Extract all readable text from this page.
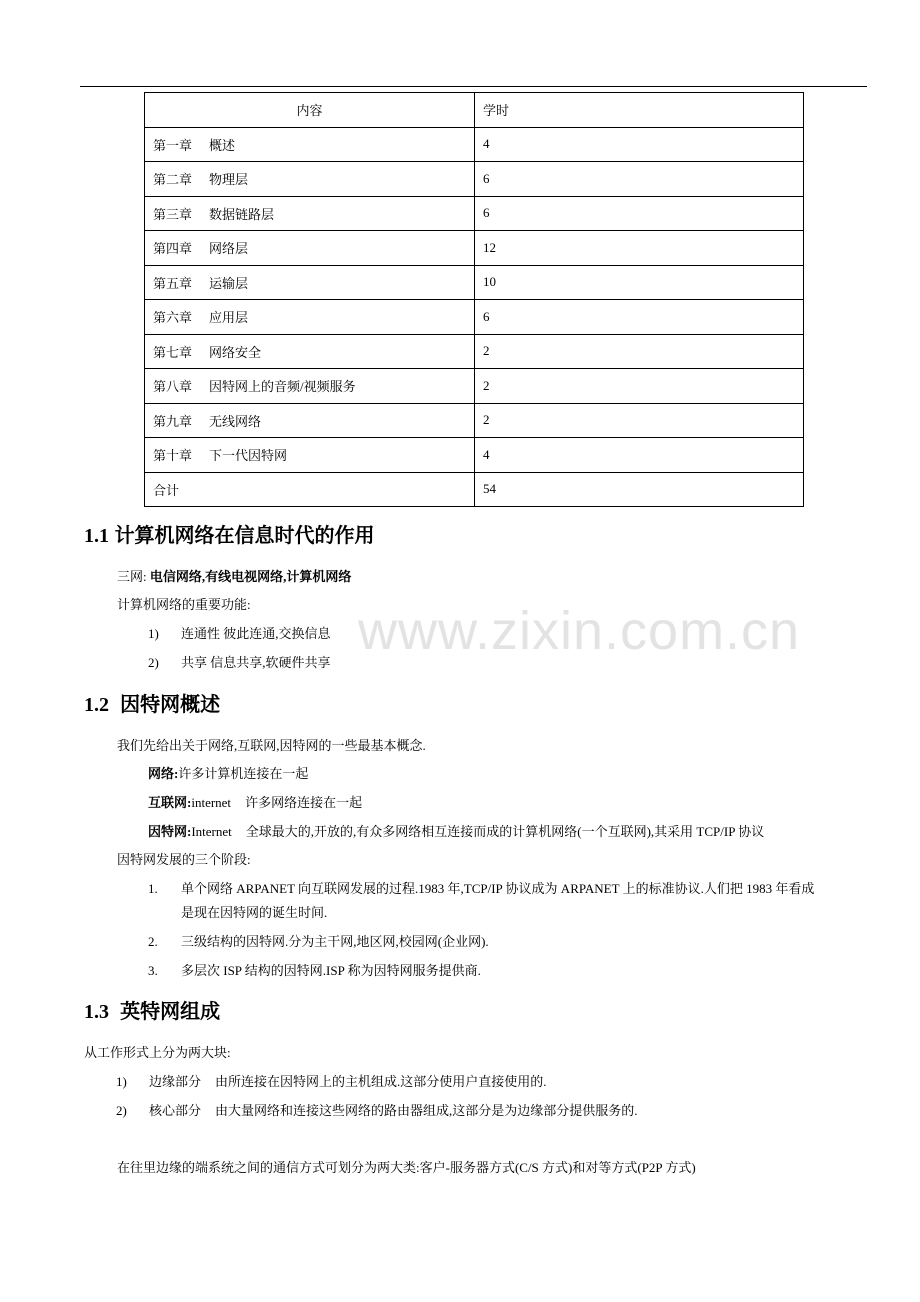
内容	学时
第一章 概述	4
第二章 物理层	6
第三章 数据链路层	6
第四章 网络层	12
第五章 运输层	10
第六章 应用层	6
第七章 网络安全	2
第八章 因特网上的音频/视频服务	2
第九章 无线网络	2
第十章 下一代因特网	4
合计	54
1.1 计算机网络在信息时代的作用

三网: 电信网络,有线电视网络,计算机网络

计算机网络的重要功能:

1) 连通性 彼此连通,交换信息

2) 共享 信息共享,软硬件共享

1.2 因特网概述

我们先给出关于网络,互联网,因特网的一些最基本概念.

网络:许多计算机连接在一起

互联网:internet 许多网络连接在一起

因特网:Internet 全球最大的,开放的,有众多网络相互连接而成的计算机网络(一个互联网),其采用 TCP/IP 协议

因特网发展的三个阶段:

1. 单个网络 ARPANET 向互联网发展的过程.1983 年,TCP/IP 协议成为 ARPANET 上的标准协议.人们把 1983 年看成

是现在因特网的诞生时间.

2. 三级结构的因特网.分为主干网,地区网,校园网(企业网).

3. 多层次 ISP 结构的因特网.ISP 称为因特网服务提供商.

1.3 英特网组成

从工作形式上分为两大块:

1) 边缘部分 由所连接在因特网上的主机组成.这部分使用户直接使用的.

2) 核心部分 由大量网络和连接这些网络的路由器组成,这部分是为边缘部分提供服务的.

在往里边缘的端系统之间的通信方式可划分为两大类:客户-服务器方式(C/S 方式)和对等方式(P2P 方式)

www.zixin.com.cn
